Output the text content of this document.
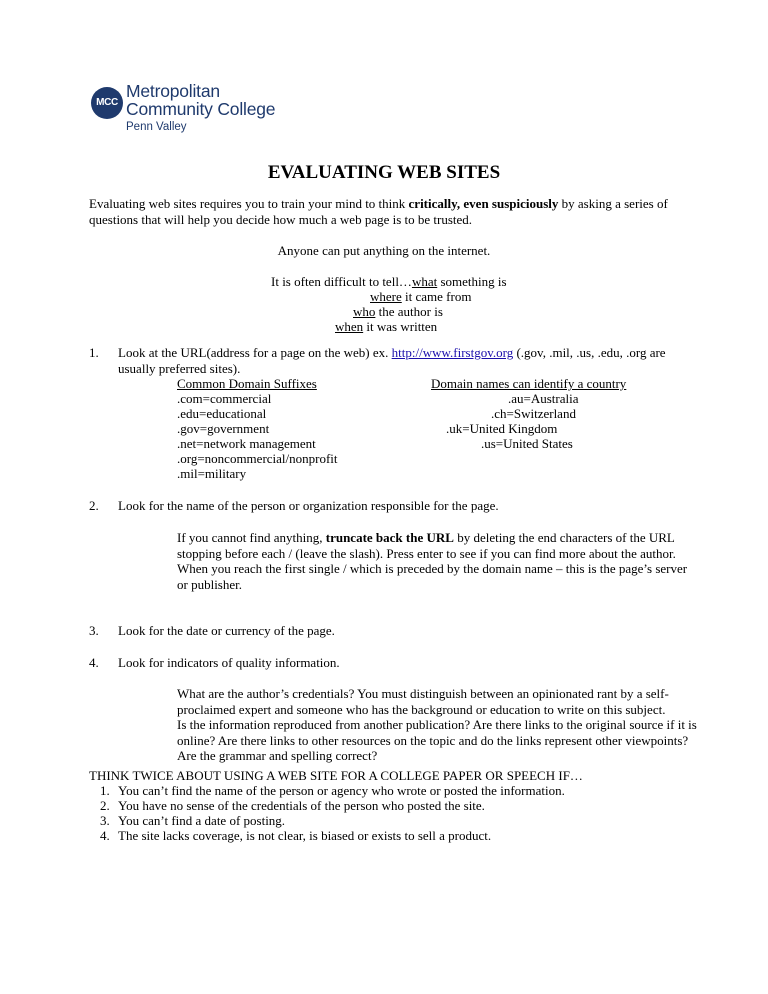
MCC
Metropolitan
Community College
Penn Valley
EVALUATING WEB SITES
Evaluating web sites requires you to train your mind to think critically, even suspiciously by asking a series of questions that will help you decide how much a web page is to be trusted.
Anyone can put anything on the internet.
It is often difficult to tell…what something is
where it came from
who the author is
when it was written
1. Look at the URL(address for a page on the web) ex. http://www.firstgov.org (.gov, .mil, .us, .edu, .org are usually preferred sites).
Common Domain Suffixes
.com=commercial
.edu=educational
.gov=government
.net=network management
.org=noncommercial/nonprofit
.mil=military
Domain names can identify a country
.au=Australia
.ch=Switzerland
.uk=United Kingdom
.us=United States
2. Look for the name of the person or organization responsible for the page.
If you cannot find anything, truncate back the URL by deleting the end characters of the URL stopping before each / (leave the slash). Press enter to see if you can find more about the author. When you reach the first single / which is preceded by the domain name – this is the page’s server or publisher.
3. Look for the date or currency of the page.
4. Look for indicators of quality information.
What are the author’s credentials? You must distinguish between an opinionated rant by a self-proclaimed expert and someone who has the background or education to write on this subject.
Is the information reproduced from another publication? Are there links to the original source if it is online? Are there links to other resources on the topic and do the links represent other viewpoints?
Are the grammar and spelling correct?
THINK TWICE ABOUT USING A WEB SITE FOR A COLLEGE PAPER OR SPEECH IF…
1. You can’t find the name of the person or agency who wrote or posted the information.
2. You have no sense of the credentials of the person who posted the site.
3. You can’t find a date of posting.
4. The site lacks coverage, is not clear, is biased or exists to sell a product.
